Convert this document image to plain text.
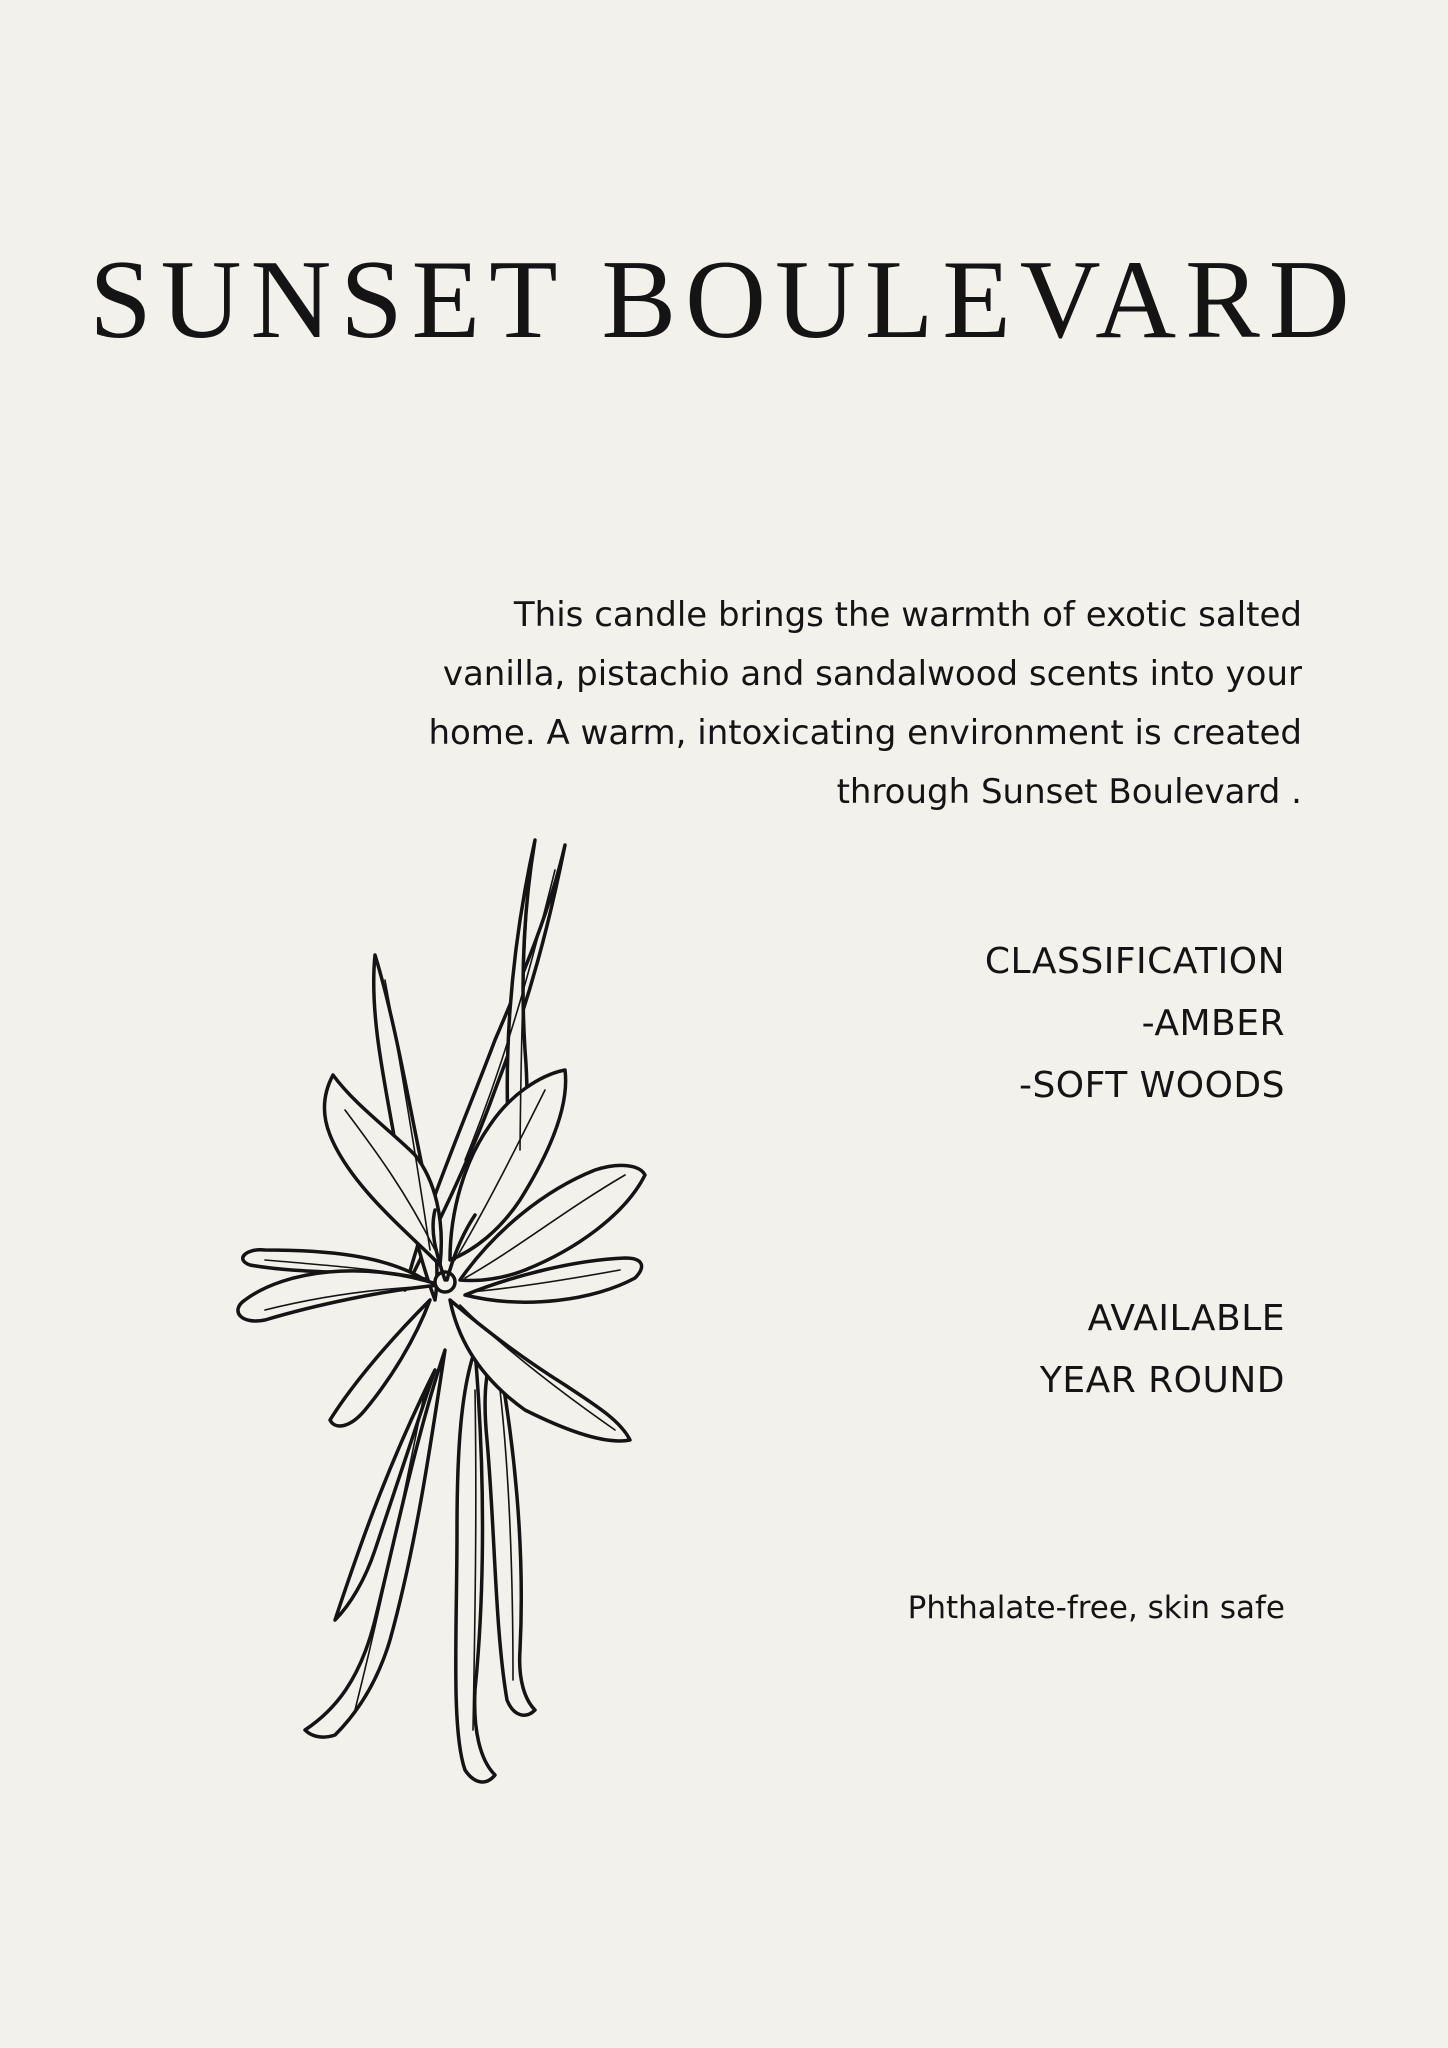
SUNSET BOULEVARD

This candle brings the warmth of exotic salted
vanilla, pistachio and sandalwood scents into your
home. A warm, intoxicating environment is created
through Sunset Boulevard .

CLASSIFICATION
-AMBER
-SOFT WOODS
AVAILABLE
YEAR ROUND
Phthalate-free, skin safe
